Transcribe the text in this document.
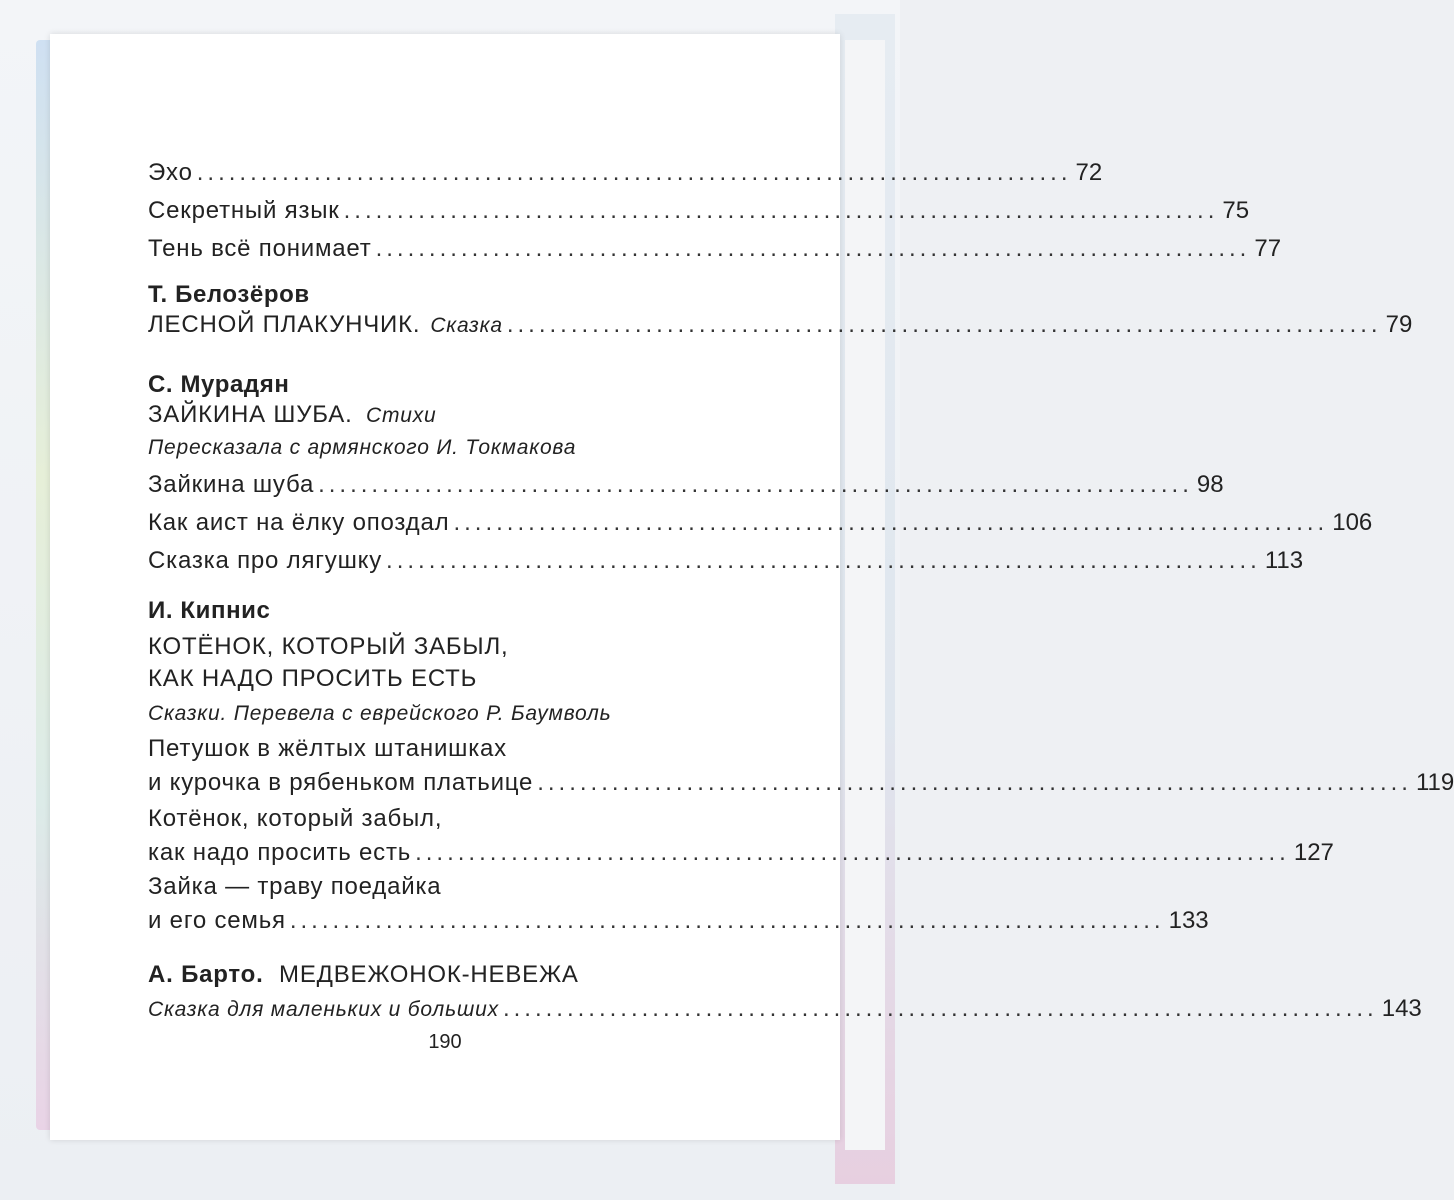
Эхо .................................................................................. 72
Секретный язык .................................................................................. 75
Тень всё понимает .................................................................................. 77
Т. Белозёров
ЛЕСНОЙ ПЛАКУНЧИК. Сказка .................................................................................. 79
С. Мурадян
ЗАЙКИНА ШУБА. Стихи
Пересказала с армянского И. Токмакова
Зайкина шуба .................................................................................. 98
Как аист на ёлку опоздал .................................................................................. 106
Сказка про лягушку .................................................................................. 113
И. Кипнис
КОТЁНОК, КОТОРЫЙ ЗАБЫЛ,
КАК НАДО ПРОСИТЬ ЕСТЬ
Сказки. Перевела с еврейского Р. Баумволь
Петушок в жёлтых штанишках
и курочка в рябеньком платьице .................................................................................. 119
Котёнок, который забыл,
как надо просить есть .................................................................................. 127
Зайка — траву поедайка
и его семья .................................................................................. 133
А. Барто. МЕДВЕЖОНОК-НЕВЕЖА
Сказка для маленьких и больших .................................................................................. 143
190
